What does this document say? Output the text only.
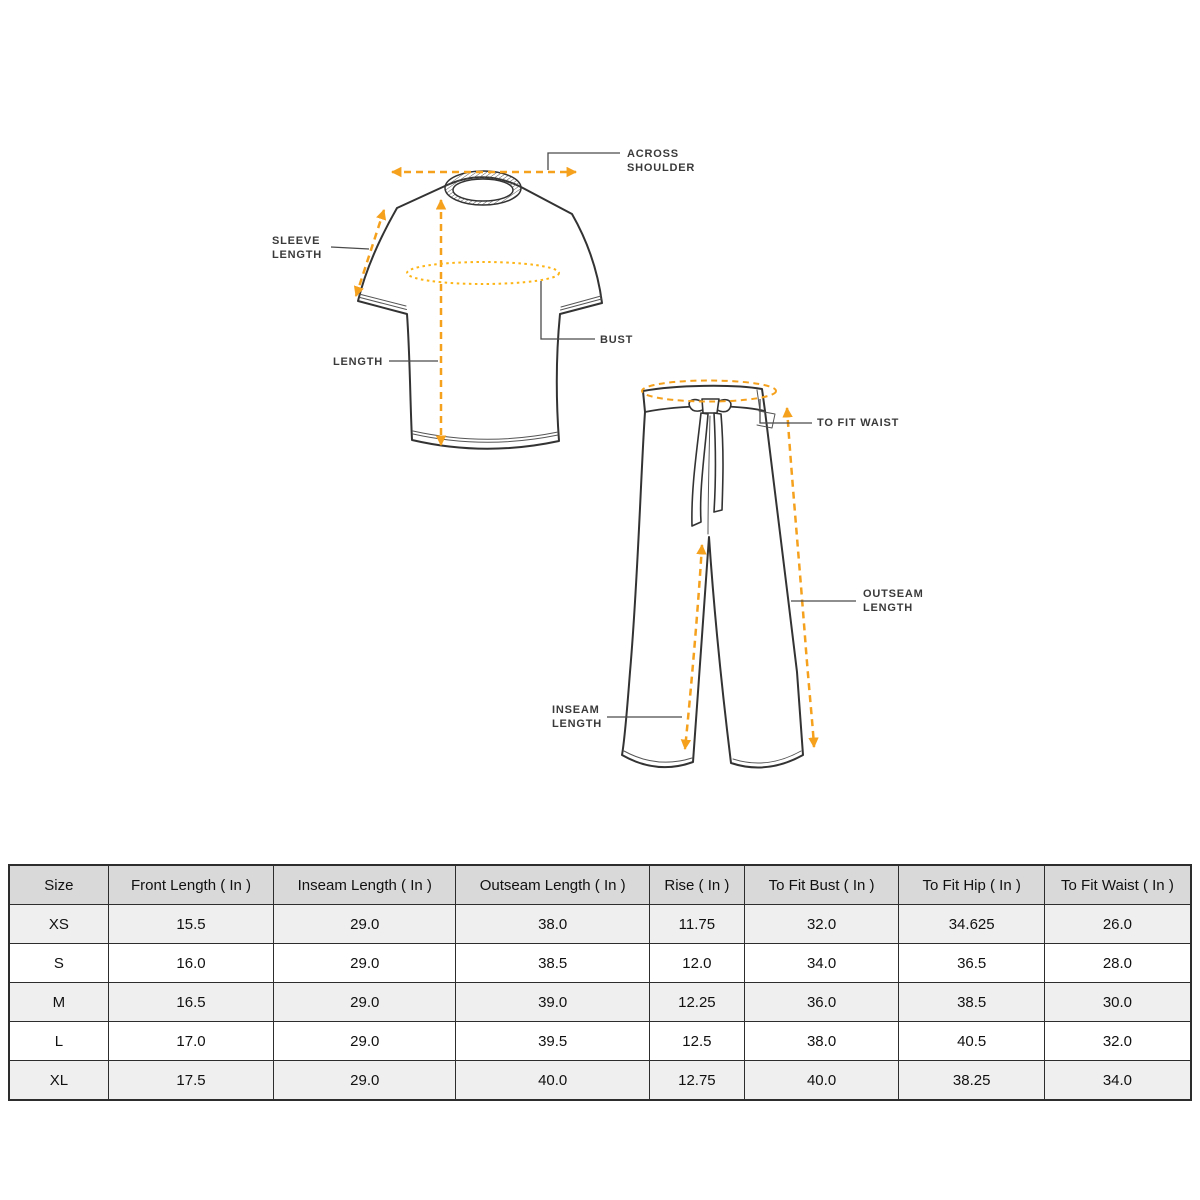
ACROSS SHOULDER
SLEEVE LENGTH
LENGTH
BUST
TO FIT WAIST
OUTSEAM LENGTH
INSEAM LENGTH
Size	Front Length ( In )	Inseam Length ( In )	Outseam Length ( In )	Rise ( In )	To Fit Bust ( In )	To Fit Hip ( In )	To Fit Waist ( In )
XS	15.5	29.0	38.0	11.75	32.0	34.625	26.0
S	16.0	29.0	38.5	12.0	34.0	36.5	28.0
M	16.5	29.0	39.0	12.25	36.0	38.5	30.0
L	17.0	29.0	39.5	12.5	38.0	40.5	32.0
XL	17.5	29.0	40.0	12.75	40.0	38.25	34.0
